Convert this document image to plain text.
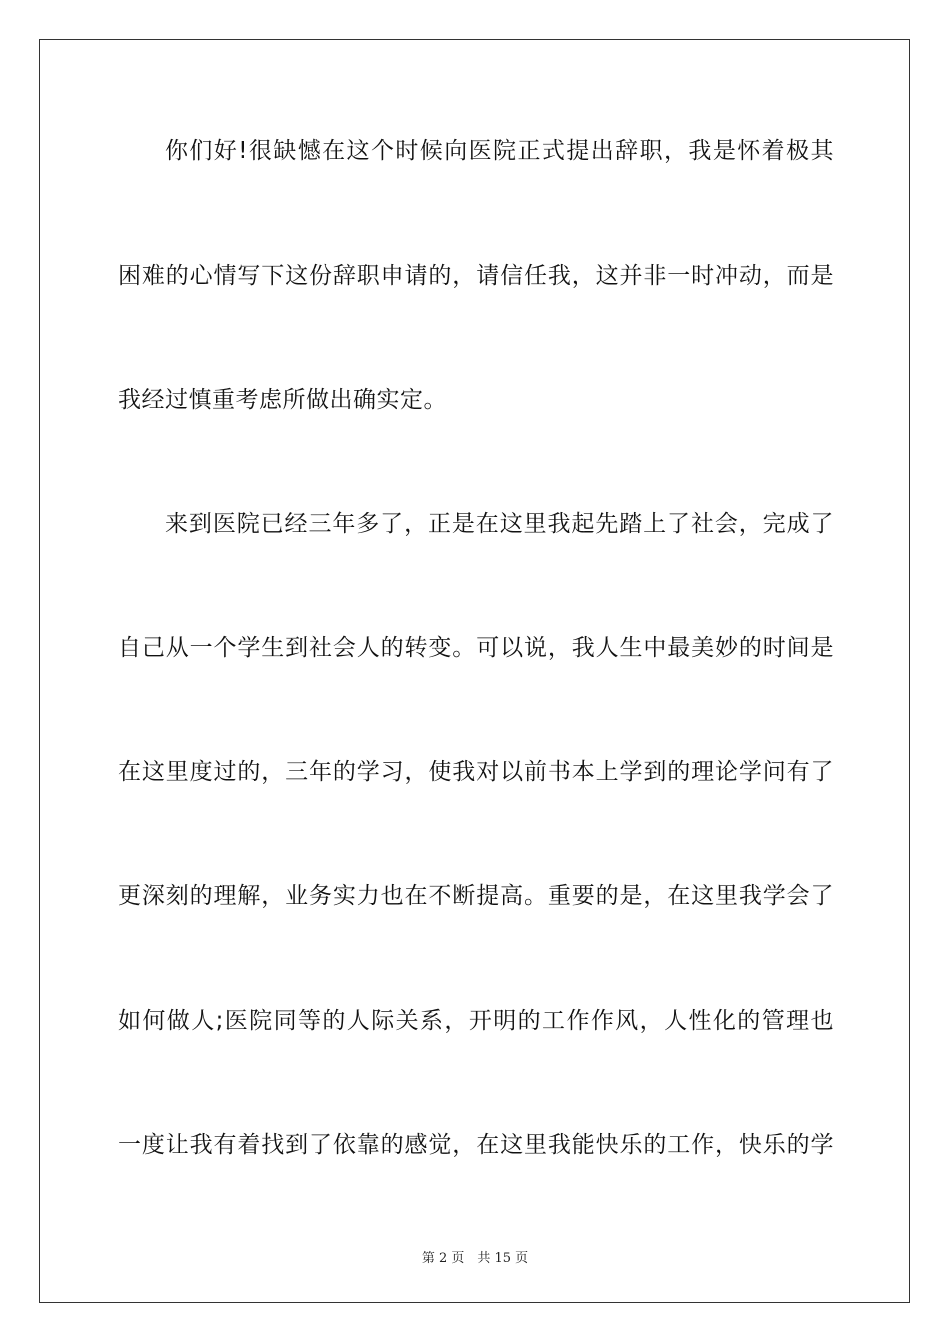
你们好!很缺憾在这个时候向医院正式提出辞职，我是怀着极其
困难的心情写下这份辞职申请的，请信任我，这并非一时冲动，而是
我经过慎重考虑所做出确实定。
来到医院已经三年多了，正是在这里我起先踏上了社会，完成了
自己从一个学生到社会人的转变。可以说，我人生中最美妙的时间是
在这里度过的，三年的学习，使我对以前书本上学到的理论学问有了
更深刻的理解，业务实力也在不断提高。重要的是，在这里我学会了
如何做人;医院同等的人际关系，开明的工作作风，人性化的管理也
一度让我有着找到了依靠的感觉，在这里我能快乐的工作，快乐的学
第 2 页　共 15 页
